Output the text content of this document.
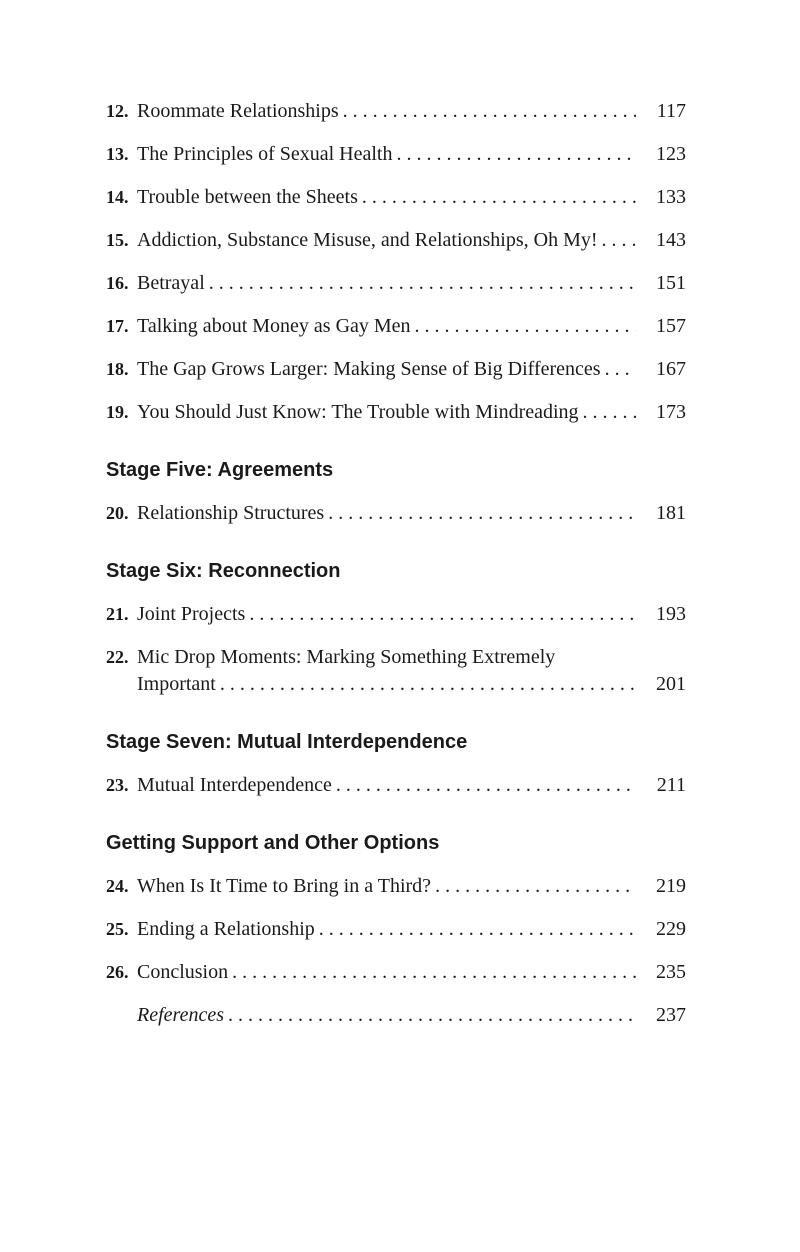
12. Roommate Relationships . . .	117
13. The Principles of Sexual Health . . .	123
14. Trouble between the Sheets . . .	133
15. Addiction, Substance Misuse, and Relationships, Oh My! . . .	143
16. Betrayal . . .	151
17. Talking about Money as Gay Men . . .	157
18. The Gap Grows Larger: Making Sense of Big Differences . . .	167
19. You Should Just Know: The Trouble with Mindreading . . .	173
Stage Five: Agreements
20. Relationship Structures . . .	181
Stage Six: Reconnection
21. Joint Projects . . .	193
22. Mic Drop Moments: Marking Something Extremely
Important . . .	201
Stage Seven: Mutual Interdependence
23. Mutual Interdependence . . .	211
Getting Support and Other Options
24. When Is It Time to Bring in a Third? . . .	219
25. Ending a Relationship . . .	229
26. Conclusion . . .	235
References . . .	237
